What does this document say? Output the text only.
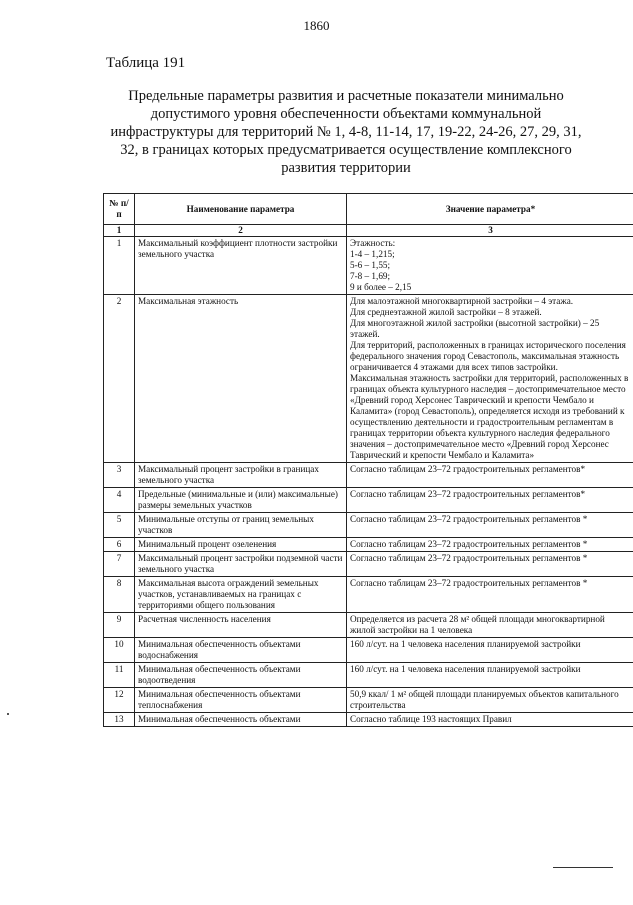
1860
Таблица 191
Предельные параметры развития и расчетные показатели минимально
допустимого уровня обеспеченности объектами коммунальной
инфраструктуры для территорий № 1, 4-8, 11-14, 17, 19-22, 24-26, 27, 29, 31,
32, в границах которых предусматривается осуществление комплексного
развития территории
№ п/п	Наименование параметра	Значение параметра*
1	2	3
1	Максимальный коэффициент плотности застройки земельного участка	Этажность:
1-4 – 1,215;
5-6 – 1,55;
7-8 – 1,69;
9 и более – 2,15

2	Максимальная этажность	Для малоэтажной многоквартирной застройки – 4 этажа.
Для среднеэтажной жилой застройки – 8 этажей.
Для многоэтажной жилой застройки (высотной застройки) – 25 этажей.
Для территорий, расположенных в границах исторического поселения федерального значения город Севастополь, максимальная этажность ограничивается 4 этажами для всех типов застройки.
Максимальная этажность застройки для территорий, расположенных в границах объекта культурного наследия – достопримечательное место «Древний город Херсонес Таврический и крепости Чембало и Каламита» (город Севастополь), определяется исходя из требований к осуществлению деятельности и градостроительным регламентам в границах территории объекта культурного наследия федерального значения – достопримечательное место «Древний город Херсонес Таврический и крепости Чембало и Каламита»

3	Максимальный процент застройки в границах земельного участка	Согласно таблицам 23–72 градостроительных регламентов*

4	Предельные (минимальные и (или) максимальные) размеры земельных участков	Согласно таблицам 23–72 градостроительных регламентов*

5	Минимальные отступы от границ земельных участков	Согласно таблицам 23–72 градостроительных регламентов *

6	Минимальный процент озеленения	Согласно таблицам 23–72 градостроительных регламентов *

7	Максимальный процент застройки подземной части земельного участка	Согласно таблицам 23–72 градостроительных регламентов *

8	Максимальная высота ограждений земельных участков, устанавливаемых на границах с территориями общего пользования	Согласно таблицам 23–72 градостроительных регламентов *

9	Расчетная численность населения	Определяется из расчета 28 м² общей площади многоквартирной жилой застройки на 1 человека

10	Минимальная обеспеченность объектами водоснабжения	160 л/сут. на 1 человека населения планируемой застройки

11	Минимальная обеспеченность объектами водоотведения	160 л/сут. на 1 человека населения планируемой застройки

12	Минимальная обеспеченность объектами теплоснабжения	50,9 ккал/ 1 м² общей площади планируемых объектов капитального строительства

13	Минимальная обеспеченность объектами	Согласно таблице 193 настоящих Правил
